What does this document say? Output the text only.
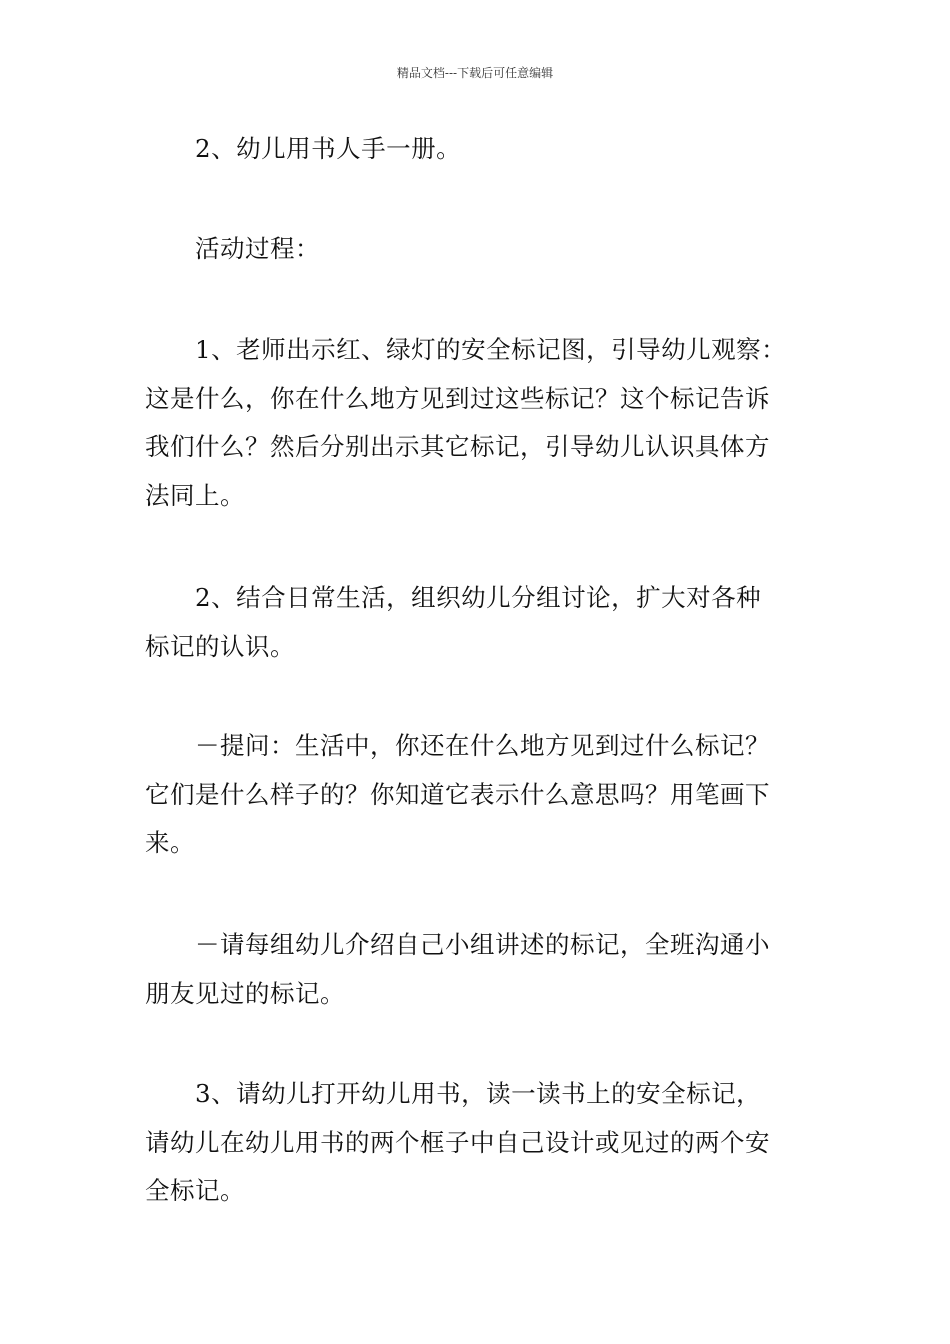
精品文档---下载后可任意编辑
　　2、幼儿用书人手一册。
　　活动过程：
　　1、老师出示红、绿灯的安全标记图，引导幼儿观察：
这是什么，你在什么地方见到过这些标记？这个标记告诉
我们什么？然后分别出示其它标记，引导幼儿认识具体方
法同上。
　　2、结合日常生活，组织幼儿分组讨论，扩大对各种
标记的认识。
　　－提问：生活中，你还在什么地方见到过什么标记？
它们是什么样子的？你知道它表示什么意思吗？用笔画下
来。
　　－请每组幼儿介绍自己小组讲述的标记，全班沟通小
朋友见过的标记。
　　3、请幼儿打开幼儿用书，读一读书上的安全标记，
请幼儿在幼儿用书的两个框子中自己设计或见过的两个安
全标记。
